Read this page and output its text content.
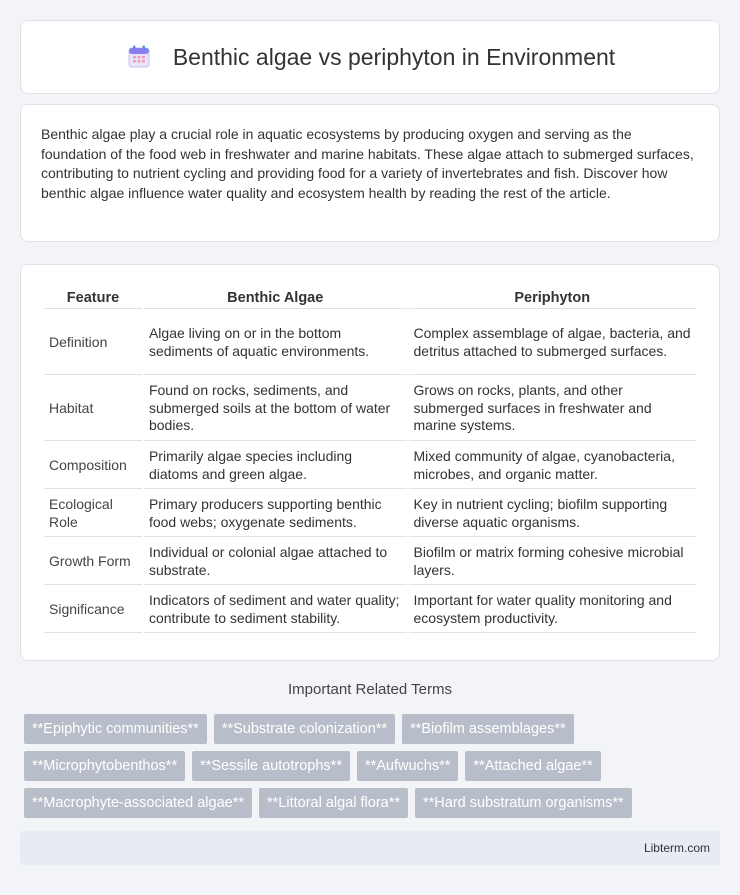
Benthic algae vs periphyton in Environment

Benthic algae play a crucial role in aquatic ecosystems by producing oxygen and serving as the foundation of the food web in freshwater and marine habitats. These algae attach to submerged surfaces, contributing to nutrient cycling and providing food for a variety of invertebrates and fish. Discover how benthic algae influence water quality and ecosystem health by reading the rest of the article.

Feature	Benthic Algae	Periphyton
Definition	Algae living on or in the bottom sediments of aquatic environments.	Complex assemblage of algae, bacteria, and detritus attached to submerged surfaces.
Habitat	Found on rocks, sediments, and submerged soils at the bottom of water bodies.	Grows on rocks, plants, and other submerged surfaces in freshwater and marine systems.
Composition	Primarily algae species including diatoms and green algae.	Mixed community of algae, cyanobacteria, microbes, and organic matter.
Ecological Role	Primary producers supporting benthic food webs; oxygenate sediments.	Key in nutrient cycling; biofilm supporting diverse aquatic organisms.
Growth Form	Individual or colonial algae attached to substrate.	Biofilm or matrix forming cohesive microbial layers.
Significance	Indicators of sediment and water quality; contribute to sediment stability.	Important for water quality monitoring and ecosystem productivity.
Important Related Terms
**Epiphytic communities**	**Substrate colonization**	**Biofilm assemblages**
**Microphytobenthos**	**Sessile autotrophs**	**Aufwuchs**	**Attached algae**
**Macrophyte-associated algae**	**Littoral algal flora**	**Hard substratum organisms**
Libterm.com
